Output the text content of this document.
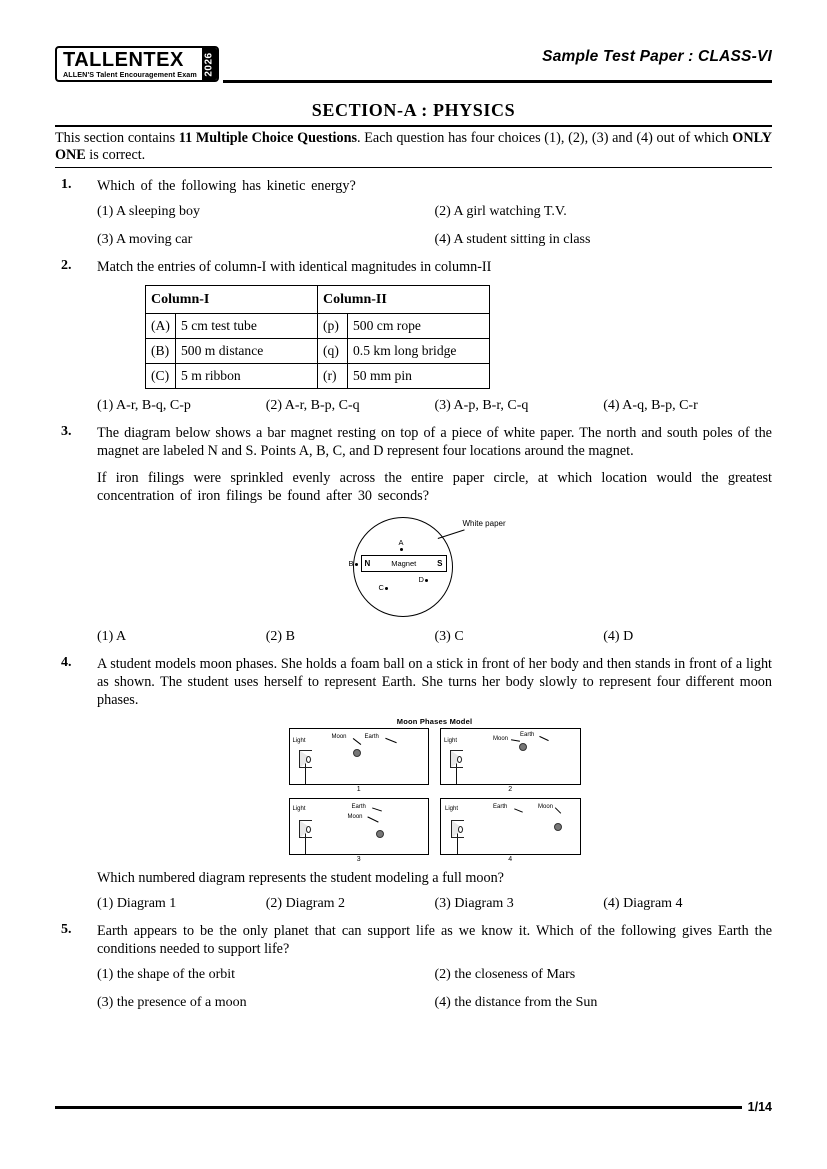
TALLENTEX
ALLEN'S Talent Encouragement Exam 2026	Sample Test Paper : CLASS-VI
SECTION-A : PHYSICS
This section contains 11 Multiple Choice Questions. Each question has four choices (1), (2), (3) and (4) out of which ONLY ONE is correct.
1.	Which of the following has kinetic energy?
(1) A sleeping boy	(2) A girl watching T.V.
(3) A moving car	(4) A student sitting in class
2.	Match the entries of column-I with identical magnitudes in column-II
Column-I		Column-II	
(A)	5 cm test tube	(p)	500 cm rope
(B)	500 m distance	(q)	0.5 km long bridge
(C)	5 m ribbon	(r)	50 mm pin
(1) A-r, B-q, C-p	(2) A-r, B-p, C-q	(3) A-p, B-r, C-q	(4) A-q, B-p, C-r
3.	The diagram below shows a bar magnet resting on top of a piece of white paper. The north and south poles of the magnet are labeled N and S. Points A, B, C, and D represent four locations around the magnet.
If iron filings were sprinkled evenly across the entire paper circle, at which location would the greatest concentration of iron filings be found after 30 seconds?
N	Magnet	S
A
B
C
D
White paper
(1) A	(2) B	(3) C	(4) D
4.	A student models moon phases. She holds a foam ball on a stick in front of her body and then stands in front of a light as shown. The student uses herself to represent Earth. She turns her body slowly to represent four different moon phases.
Moon Phases Model
Light
Moon	Earth
1
Light	Moon
Earth
2
Light	Earth
Moon
3
Light	Earth	Moon
4
Which numbered diagram represents the student modeling a full moon?
(1) Diagram 1	(2) Diagram 2	(3) Diagram 3	(4) Diagram 4
5.	Earth appears to be the only planet that can support life as we know it. Which of the following gives Earth the conditions needed to support life?
(1) the shape of the orbit	(2) the closeness of Mars
(3) the presence of a moon	(4) the distance from the Sun
1/14
